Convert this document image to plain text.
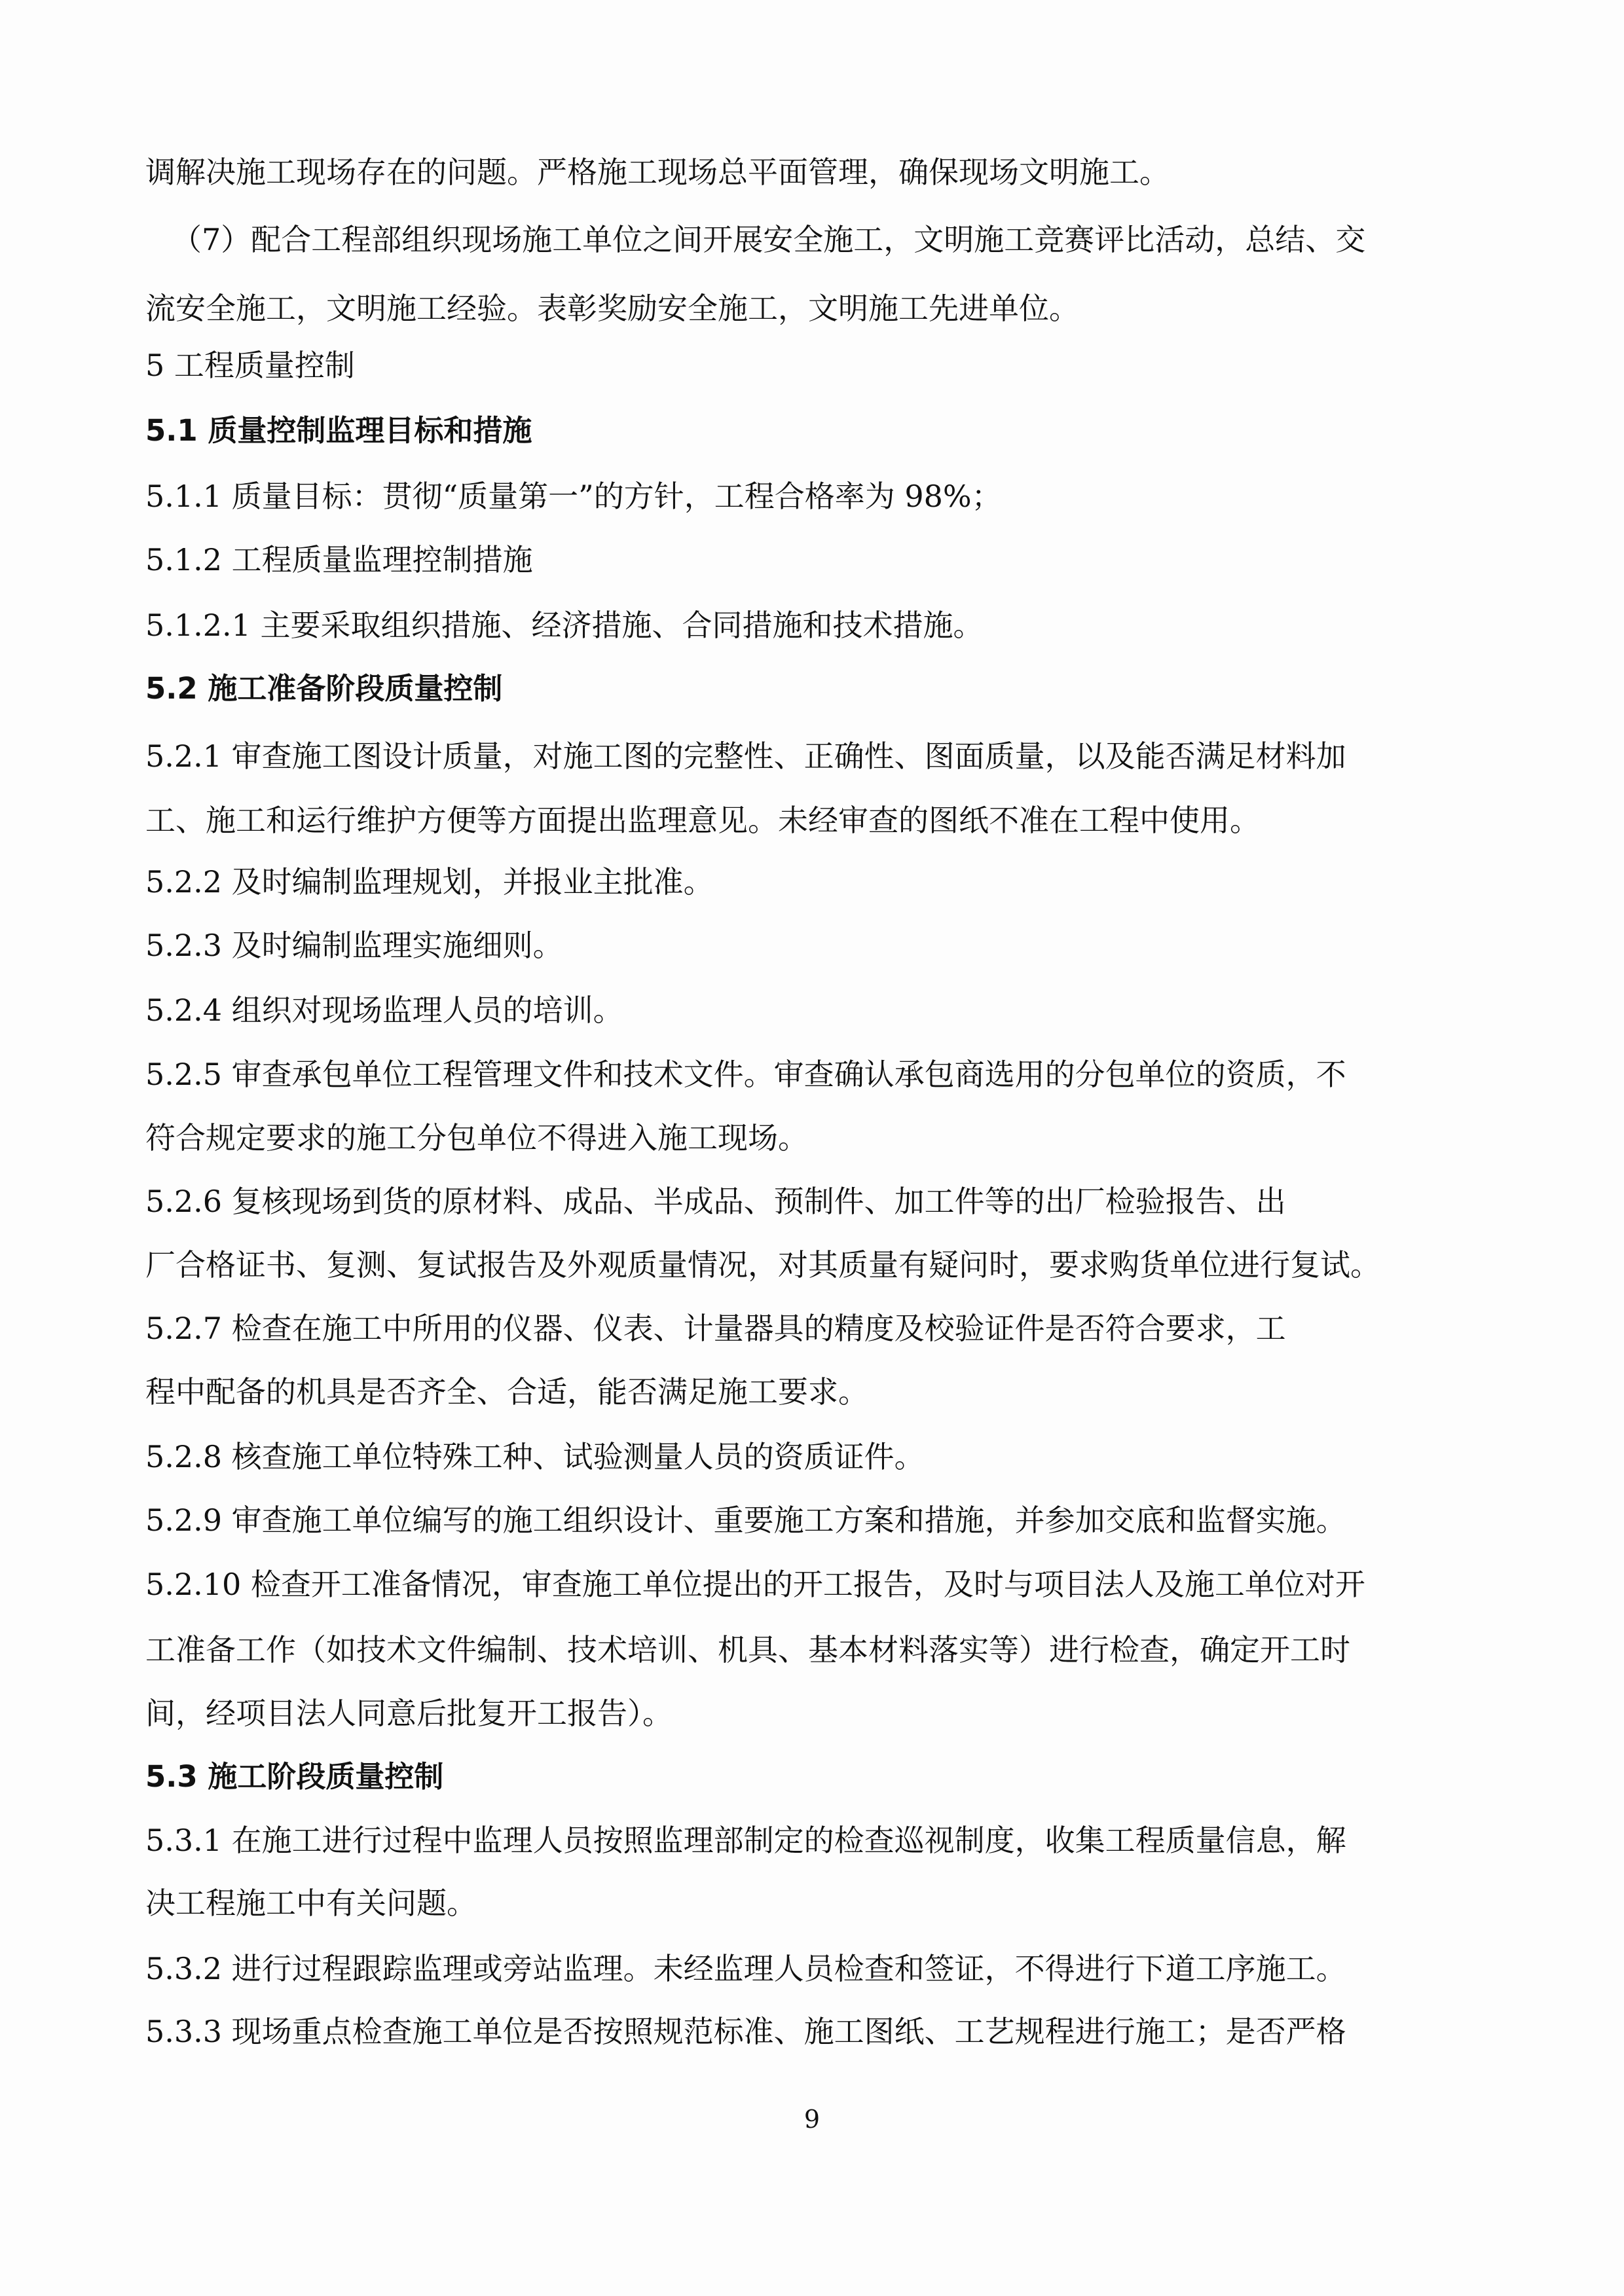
调解决施工现场存在的问题。严格施工现场总平面管理，确保现场文明施工。
（7）配合工程部组织现场施工单位之间开展安全施工，文明施工竞赛评比活动，总结、交
流安全施工，文明施工经验。表彰奖励安全施工，文明施工先进单位。
5 工程质量控制
5.1 质量控制监理目标和措施
5.1.1 质量目标：贯彻“质量第一”的方针，工程合格率为 98%；
5.1.2 工程质量监理控制措施
5.1.2.1 主要采取组织措施、经济措施、合同措施和技术措施。
5.2 施工准备阶段质量控制
5.2.1 审查施工图设计质量，对施工图的完整性、正确性、图面质量，以及能否满足材料加
工、施工和运行维护方便等方面提出监理意见。未经审查的图纸不准在工程中使用。
5.2.2 及时编制监理规划，并报业主批准。
5.2.3 及时编制监理实施细则。
5.2.4 组织对现场监理人员的培训。
5.2.5 审查承包单位工程管理文件和技术文件。审查确认承包商选用的分包单位的资质，不
符合规定要求的施工分包单位不得进入施工现场。
5.2.6 复核现场到货的原材料、成品、半成品、预制件、加工件等的出厂检验报告、出
厂合格证书、复测、复试报告及外观质量情况，对其质量有疑问时，要求购货单位进行复试。
5.2.7 检查在施工中所用的仪器、仪表、计量器具的精度及校验证件是否符合要求，工
程中配备的机具是否齐全、合适，能否满足施工要求。
5.2.8 核查施工单位特殊工种、试验测量人员的资质证件。
5.2.9 审查施工单位编写的施工组织设计、重要施工方案和措施，并参加交底和监督实施。
5.2.10 检查开工准备情况，审查施工单位提出的开工报告，及时与项目法人及施工单位对开
工准备工作（如技术文件编制、技术培训、机具、基本材料落实等）进行检查，确定开工时
间，经项目法人同意后批复开工报告）。
5.3 施工阶段质量控制
5.3.1 在施工进行过程中监理人员按照监理部制定的检查巡视制度，收集工程质量信息，解
决工程施工中有关问题。
5.3.2 进行过程跟踪监理或旁站监理。未经监理人员检查和签证，不得进行下道工序施工。
5.3.3 现场重点检查施工单位是否按照规范标准、施工图纸、工艺规程进行施工；是否严格
9
